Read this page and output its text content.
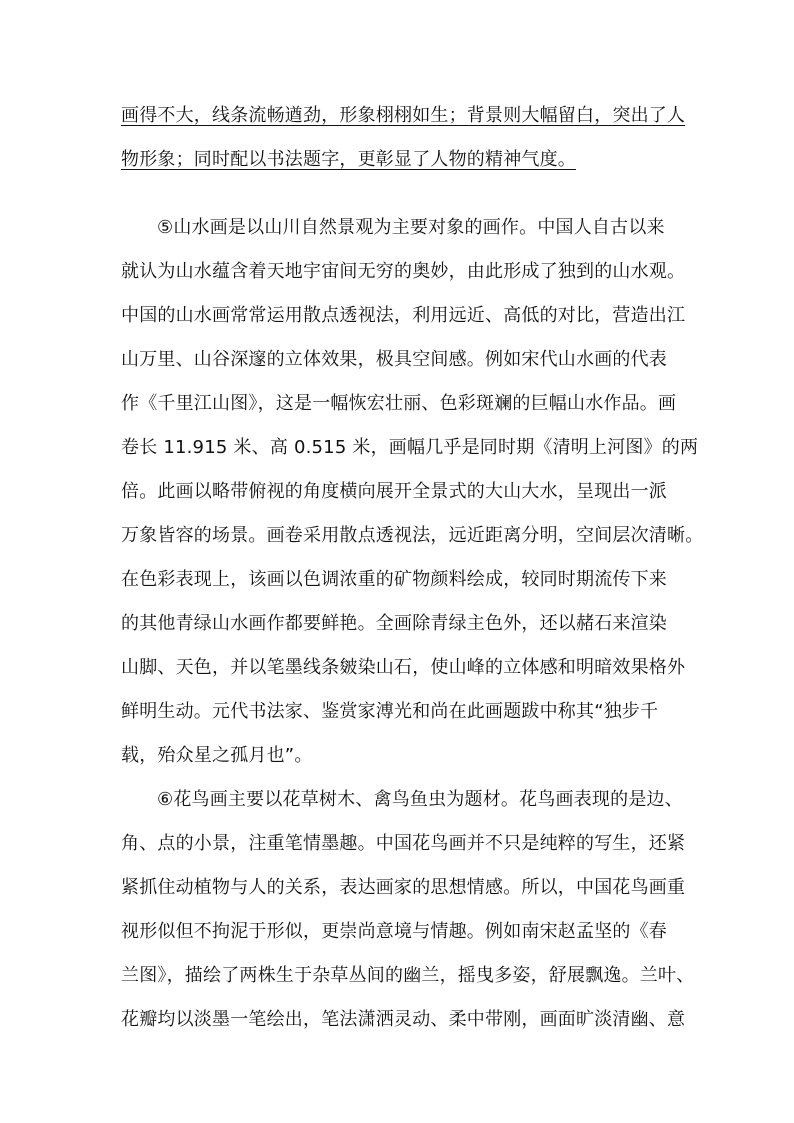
画得不大，线条流畅遒劲，形象栩栩如生；背景则大幅留白，突出了人
物形象；同时配以书法题字，更彰显了人物的精神气度。
⑤山水画是以山川自然景观为主要对象的画作。中国人自古以来
就认为山水蕴含着天地宇宙间无穷的奥妙，由此形成了独到的山水观。
中国的山水画常常运用散点透视法，利用远近、高低的对比，营造出江
山万里、山谷深邃的立体效果，极具空间感。例如宋代山水画的代表
作《千里江山图》，这是一幅恢宏壮丽、色彩斑斓的巨幅山水作品。画
卷长 11.915 米、高 0.515 米，画幅几乎是同时期《清明上河图》的两
倍。此画以略带俯视的角度横向展开全景式的大山大水，呈现出一派
万象皆容的场景。画卷采用散点透视法，远近距离分明，空间层次清晰。
在色彩表现上，该画以色调浓重的矿物颜料绘成，较同时期流传下来
的其他青绿山水画作都要鲜艳。全画除青绿主色外，还以赭石来渲染
山脚、天色，并以笔墨线条皴染山石，使山峰的立体感和明暗效果格外
鲜明生动。元代书法家、鉴赏家溥光和尚在此画题跋中称其“独步千
载，殆众星之孤月也”。
⑥花鸟画主要以花草树木、禽鸟鱼虫为题材。花鸟画表现的是边、
角、点的小景，注重笔情墨趣。中国花鸟画并不只是纯粹的写生，还紧
紧抓住动植物与人的关系，表达画家的思想情感。所以，中国花鸟画重
视形似但不拘泥于形似，更崇尚意境与情趣。例如南宋赵孟坚的《春
兰图》，描绘了两株生于杂草丛间的幽兰，摇曳多姿，舒展飘逸。兰叶、
花瓣均以淡墨一笔绘出，笔法潇洒灵动、柔中带刚，画面旷淡清幽、意
